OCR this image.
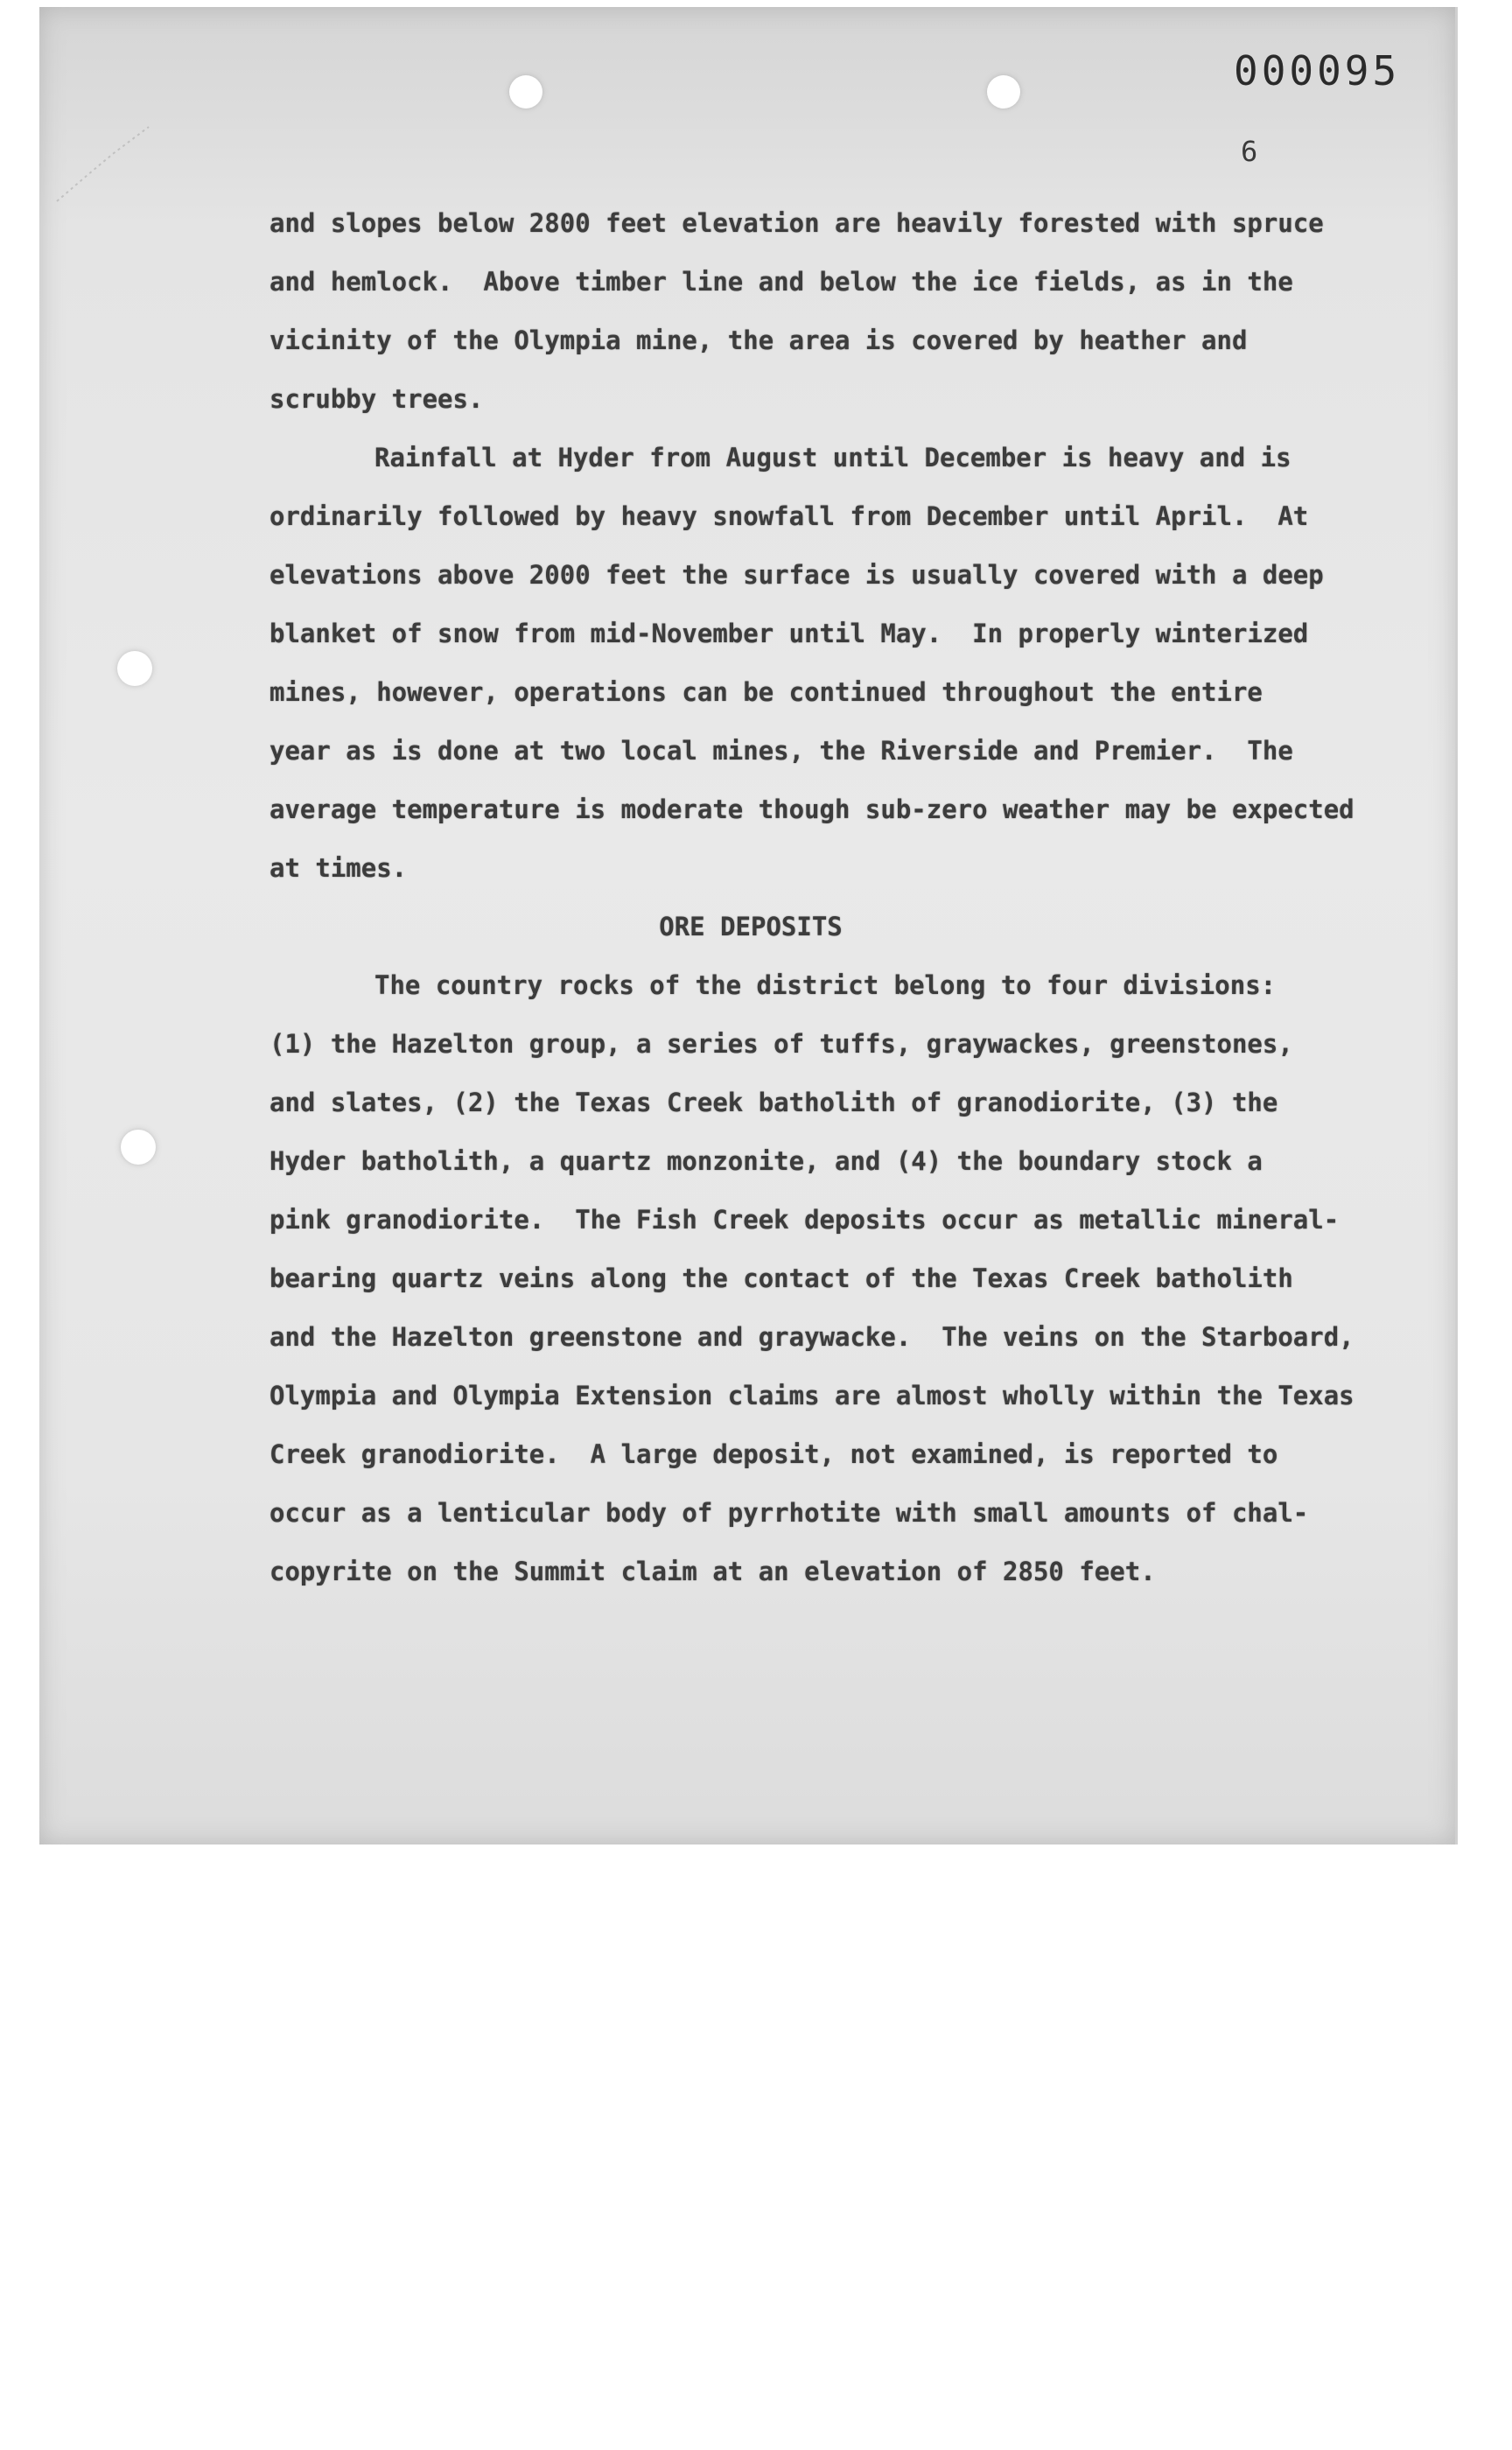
000095
6
and slopes below 2800 feet elevation are heavily forested with spruce
and hemlock.  Above timber line and below the ice fields, as in the
vicinity of the Olympia mine, the area is covered by heather and
scrubby trees.
Rainfall at Hyder from August until December is heavy and is
ordinarily followed by heavy snowfall from December until April.  At
elevations above 2000 feet the surface is usually covered with a deep
blanket of snow from mid-November until May.  In properly winterized
mines, however, operations can be continued throughout the entire
year as is done at two local mines, the Riverside and Premier.  The
average temperature is moderate though sub-zero weather may be expected
at times.
ORE DEPOSITS
The country rocks of the district belong to four divisions:
(1) the Hazelton group, a series of tuffs, graywackes, greenstones,
and slates, (2) the Texas Creek batholith of granodiorite, (3) the
Hyder batholith, a quartz monzonite, and (4) the boundary stock a
pink granodiorite.  The Fish Creek deposits occur as metallic mineral-
bearing quartz veins along the contact of the Texas Creek batholith
and the Hazelton greenstone and graywacke.  The veins on the Starboard,
Olympia and Olympia Extension claims are almost wholly within the Texas
Creek granodiorite.  A large deposit, not examined, is reported to
occur as a lenticular body of pyrrhotite with small amounts of chal-
copyrite on the Summit claim at an elevation of 2850 feet.
